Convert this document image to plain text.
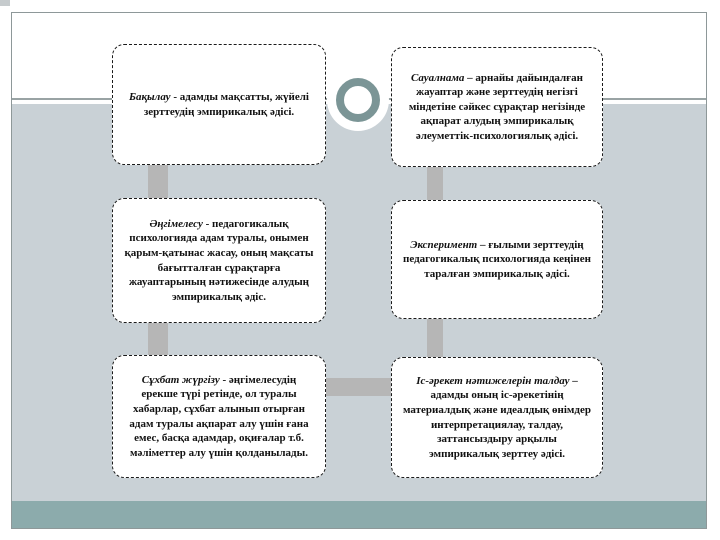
Бақылау - адамды мақсатты, жүйелі зерттеудің эмпирикалық әдісі.
Сауалнама – арнайы дайындалған жауаптар және зерттеудің негізгі міндетіне сәйкес сұрақтар негізінде ақпарат алудың эмпирикалық әлеуметтік-психологиялық әдісі.
Әңгімелесу - педагогикалық психологияда адам туралы, онымен қарым-қатынас жасау, оның мақсаты бағытталған сұрақтарға жауаптарының нәтижесінде алудың эмпирикалық әдіс.
Эксперимент – ғылыми зерттеудің педагогикалық психологияда кеңінен таралған эмпирикалық әдісі.
Сұхбат жүргізу - әңгімелесудің ерекше түрі ретінде, ол туралы хабарлар, сұхбат алынып отырған адам туралы ақпарат алу үшін ғана емес, басқа адамдар, оқиғалар т.б. мәліметтер алу үшін қолданылады.
Іс-әрекет нәтижелерін талдау – адамды оның іс-әрекетінің материалдық және идеалдық өнімдер интерпретациялау, талдау, заттансыздыру арқылы эмпирикалық зерттеу әдісі.
